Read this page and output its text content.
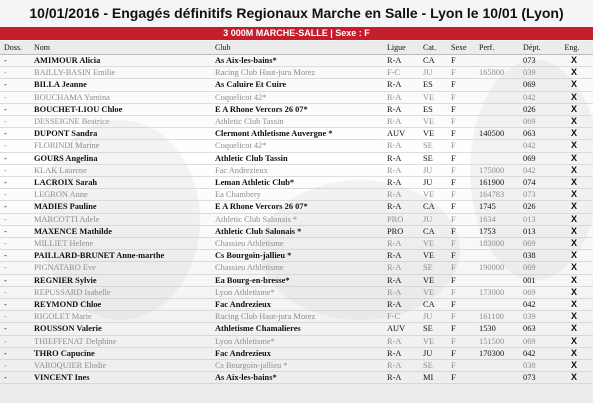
10/01/2016 - Engagés définitifs Regionaux Marche en Salle - Lyon le 10/01 (Lyon)
3 000M MARCHE-SALLE | Sexe : F
Doss.	Nom	Club	Ligue	Cat.	Sexe	Perf.	Dépt.	Eng.
-	AMIMOUR Alicia	As Aix-les-bains*	R-A	CA	F		073	X
-	BAILLY-BASIN Emilie	Racing Club Haut-jura Morez	F-C	JU	F	165800	039	X
-	BILLA Jeanne	As Caluire Et Cuire	R-A	ES	F		069	X
-	BOUCHAMA Yamina	Coquelicot 42*	R-A	VE	F		042	X
-	BOUCHET-LIOU Chloe	E A Rhone Vercors 26 07*	R-A	ES	F		026	X
-	DESSEIGNE Beatrice	Athletic Club Tassin	R-A	VE	F		069	X
-	DUPONT Sandra	Clermont Athletisme Auvergne *	AUV	VE	F	140500	063	X
-	FLORINDI Marine	Coquelicot 42*	R-A	SE	F		042	X
-	GOURS Angelina	Athletic Club Tassin	R-A	SE	F		069	X
-	KLAK Laurene	Fac Andrezieux	R-A	JU	F	175000	042	X
-	LACROIX Sarah	Leman Athletic Club*	R-A	JU	F	161900	074	X
-	LEGRON Anne	Ea Chambery	R-A	VE	F	164783	073	X
-	MADIES Pauline	E A Rhone Vercors 26 07*	R-A	CA	F	1745	026	X
-	MARCOTTI Adele	Athletic Club Salonais *	PRO	JU	F	1634	013	X
-	MAXENCE Mathilde	Athletic Club Salonais *	PRO	CA	F	1753	013	X
-	MILLIET Helene	Chassieu Athletisme	R-A	VE	F	183000	069	X
-	PAILLARD-BRUNET Anne-marthe	Cs Bourgoin-jallieu *	R-A	VE	F		038	X
-	PIGNATARO Eve	Chassieu Athletisme	R-A	SE	F	190000	069	X
-	REGNIER Sylvie	Ea Bourg-en-bresse*	R-A	VE	F		001	X
-	REPUSSARD Isabelle	Lyon Athletisme*	R-A	VE	F	173000	069	X
-	REYMOND Chloe	Fac Andrezieux	R-A	CA	F		042	X
-	RIGOLET Marie	Racing Club Haut-jura Morez	F-C	JU	F	161100	039	X
-	ROUSSON Valerie	Athletisme Chamalieres	AUV	SE	F	1530	063	X
-	THIEFFENAT Delphine	Lyon Athletisme*	R-A	VE	F	151500	069	X
-	THRO Capucine	Fac Andrezieux	R-A	JU	F	170300	042	X
-	VAROQUIER Elodie	Cs Bourgoin-jallieu *	R-A	SE	F		038	X
-	VINCENT Ines	As Aix-les-bains*	R-A	MI	F		073	X
